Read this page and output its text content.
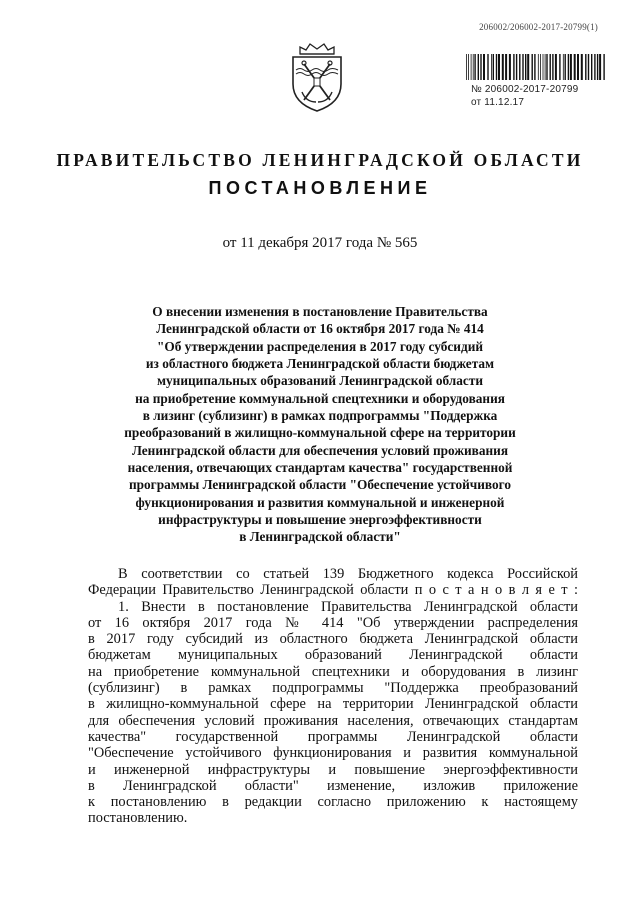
206002/206002-2017-20799(1)
№ 206002-2017-20799
от 11.12.17
ПРАВИТЕЛЬСТВО ЛЕНИНГРАДСКОЙ ОБЛАСТИ
ПОСТАНОВЛЕНИЕ
от 11 декабря 2017 года № 565
О внесении изменения в постановление Правительства
Ленинградской области от 16 октября 2017 года № 414
"Об утверждении распределения в 2017 году субсидий
из областного бюджета Ленинградской области бюджетам
муниципальных образований Ленинградской области
на приобретение коммунальной спецтехники и оборудования
в лизинг (сублизинг) в рамках подпрограммы "Поддержка
преобразований в жилищно-коммунальной сфере на территории
Ленинградской области для обеспечения условий проживания
населения, отвечающих стандартам качества" государственной
программы Ленинградской области "Обеспечение устойчивого
функционирования и развития коммунальной и инженерной
инфраструктуры и повышение энергоэффективности
в Ленинградской области"
В соответствии со статьей 139 Бюджетного кодекса Российской
Федерации Правительство Ленинградской области п о с т а н о в л я е т :
1. Внести в постановление Правительства Ленинградской области
от 16 октября 2017 года № 414 "Об утверждении распределения
в 2017 году субсидий из областного бюджета Ленинградской области
бюджетам муниципальных образований Ленинградской области
на приобретение коммунальной спецтехники и оборудования в лизинг
(сублизинг) в рамках подпрограммы "Поддержка преобразований
в жилищно-коммунальной сфере на территории Ленинградской области
для обеспечения условий проживания населения, отвечающих стандартам
качества" государственной программы Ленинградской области
"Обеспечение устойчивого функционирования и развития коммунальной
и инженерной инфраструктуры и повышение энергоэффективности
в Ленинградской области" изменение, изложив приложение
к постановлению в редакции согласно приложению к настоящему
постановлению.
